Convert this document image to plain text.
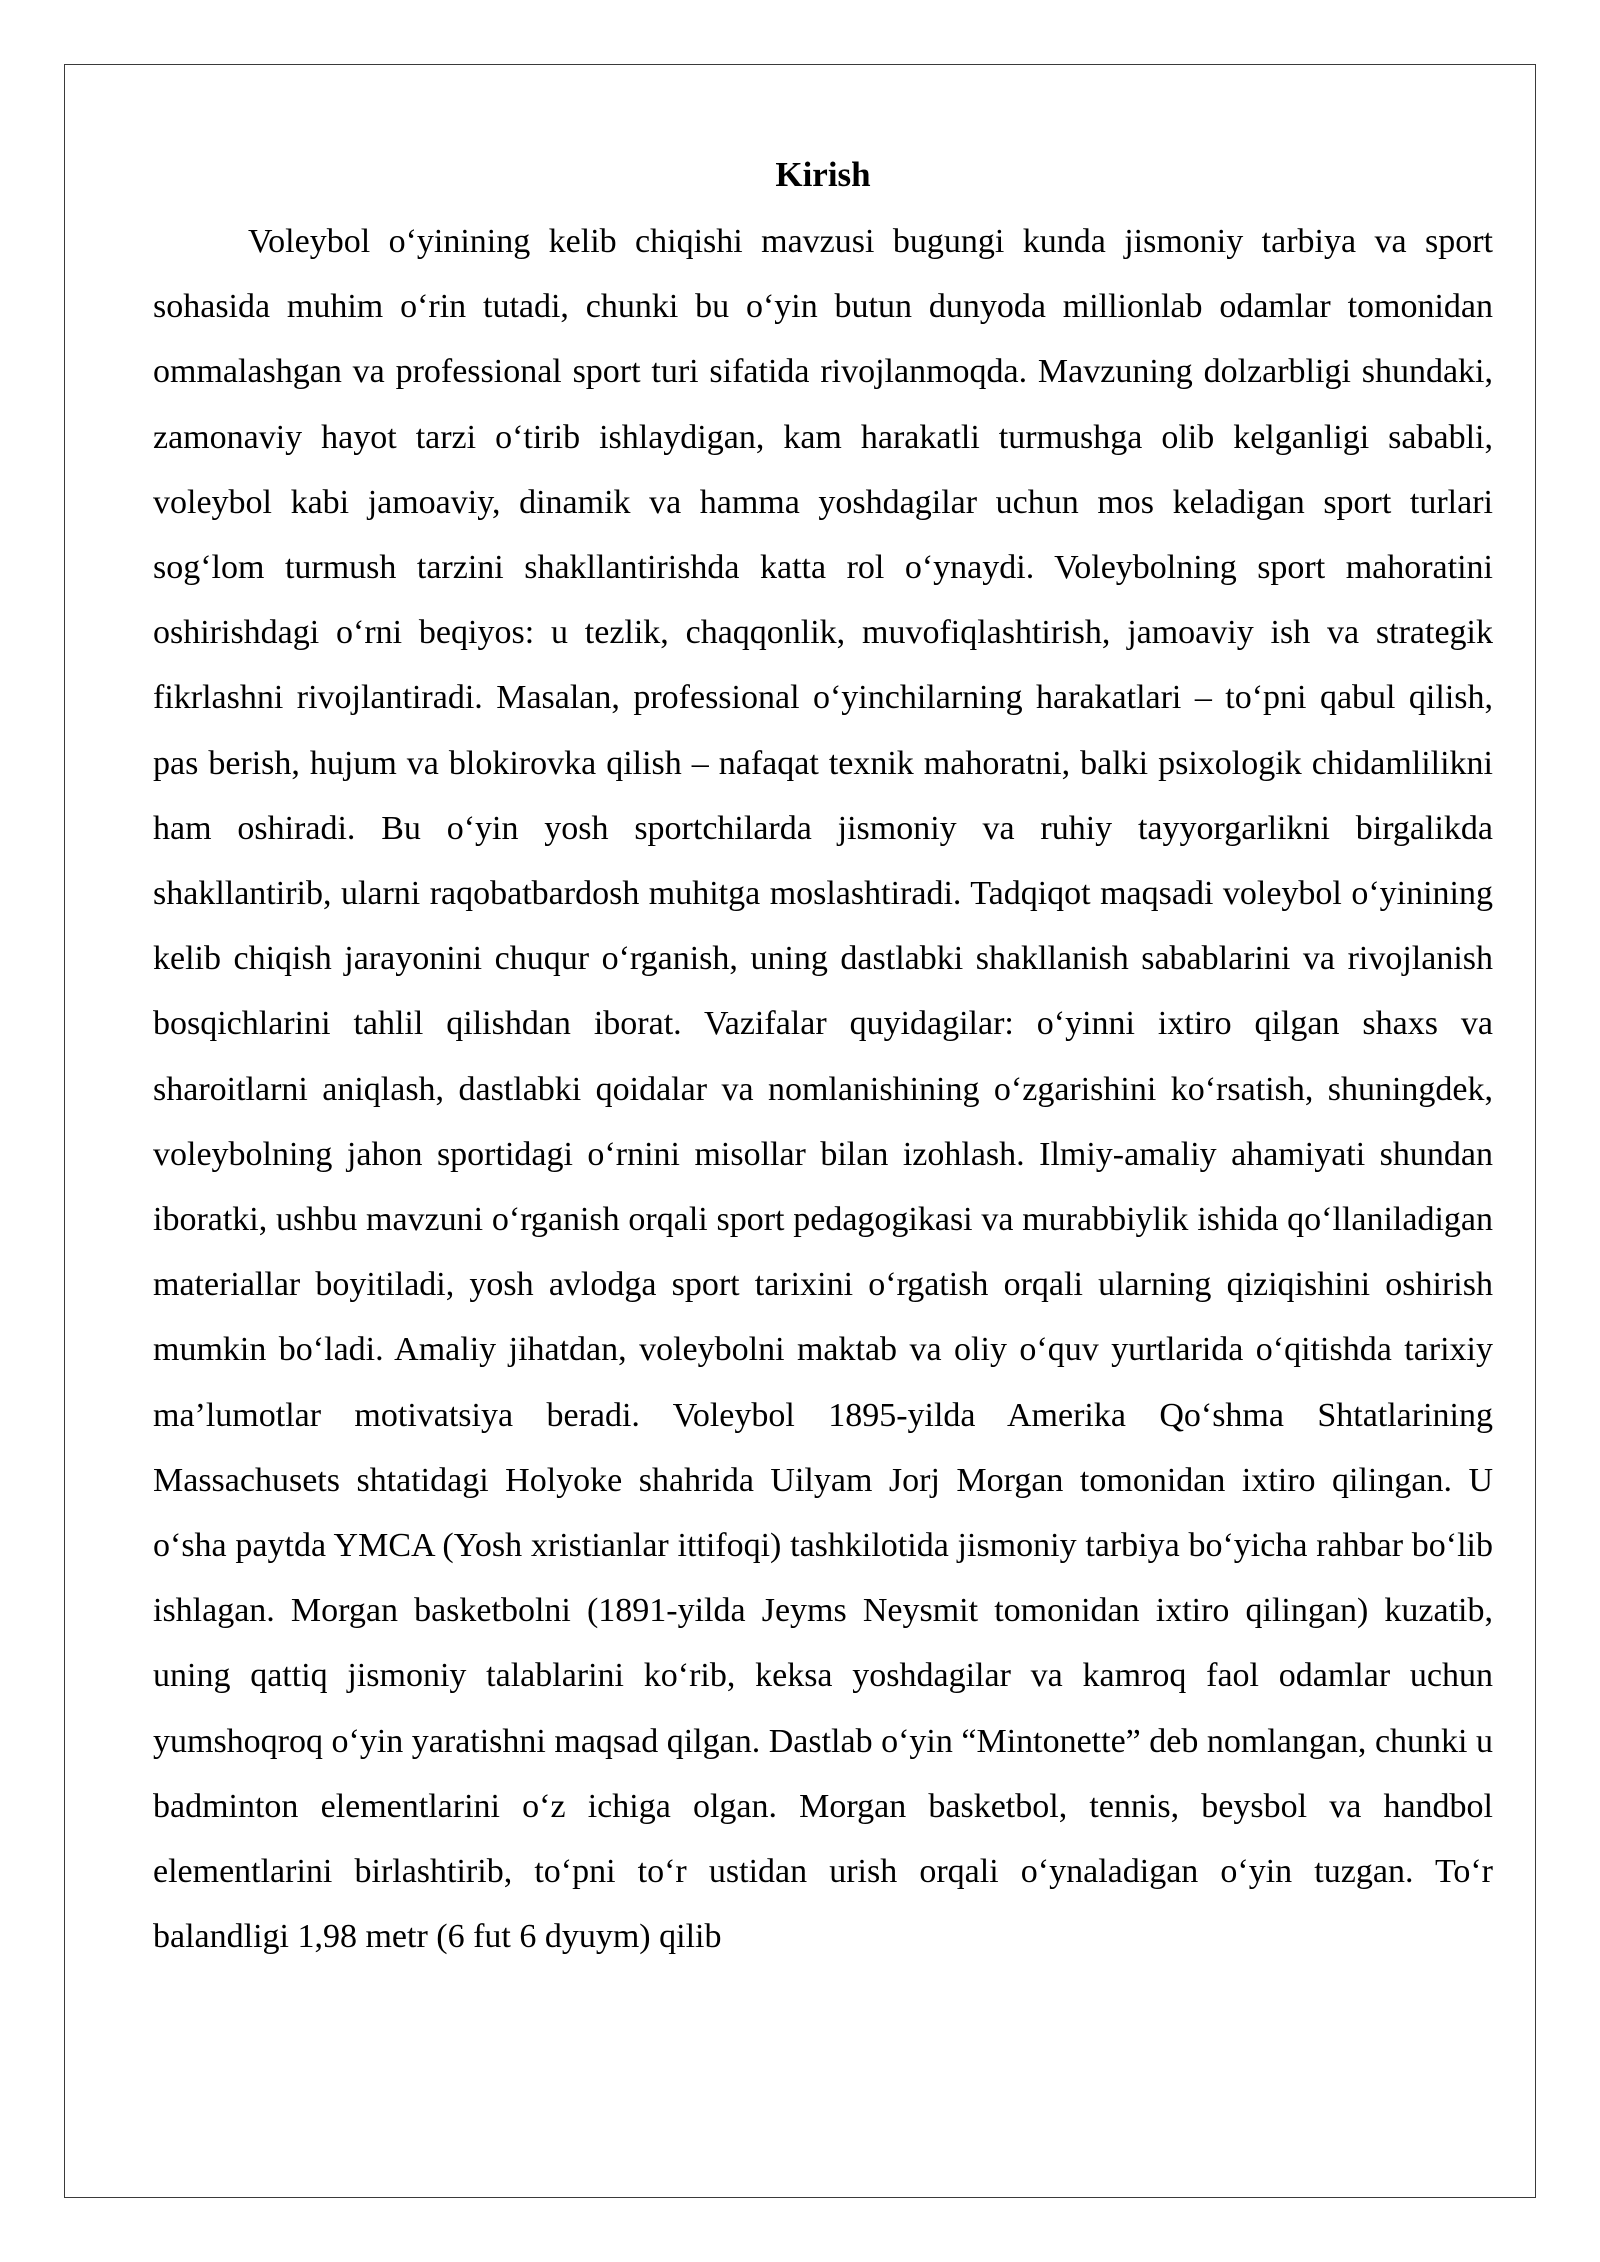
Kirish

Voleybol o‘yinining kelib chiqishi mavzusi bugungi kunda jismoniy tarbiya va sport sohasida muhim o‘rin tutadi, chunki bu o‘yin butun dunyoda millionlab odamlar tomonidan ommalashgan va professional sport turi sifatida rivojlanmoqda. Mavzuning dolzarbligi shundaki, zamonaviy hayot tarzi o‘tirib ishlaydigan, kam harakatli turmushga olib kelganligi sababli, voleybol kabi jamoaviy, dinamik va hamma yoshdagilar uchun mos keladigan sport turlari sog‘lom turmush tarzini shakllantirishda katta rol o‘ynaydi. Voleybolning sport mahoratini oshirishdagi o‘rni beqiyos: u tezlik, chaqqonlik, muvofiqlashtirish, jamoaviy ish va strategik fikrlashni rivojlantiradi. Masalan, professional o‘yinchilarning harakatlari – to‘pni qabul qilish, pas berish, hujum va blokirovka qilish – nafaqat texnik mahoratni, balki psixologik chidamlilikni ham oshiradi. Bu o‘yin yosh sportchilarda jismoniy va ruhiy tayyorgarlikni birgalikda shakllantirib, ularni raqobatbardosh muhitga moslashtiradi. Tadqiqot maqsadi voleybol o‘yinining kelib chiqish jarayonini chuqur o‘rganish, uning dastlabki shakllanish sabablarini va rivojlanish bosqichlarini tahlil qilishdan iborat. Vazifalar quyidagilar: o‘yinni ixtiro qilgan shaxs va sharoitlarni aniqlash, dastlabki qoidalar va nomlanishining o‘zgarishini ko‘rsatish, shuningdek, voleybolning jahon sportidagi o‘rnini misollar bilan izohlash. Ilmiy-amaliy ahamiyati shundan iboratki, ushbu mavzuni o‘rganish orqali sport pedagogikasi va murabbiylik ishida qo‘llaniladigan materiallar boyitiladi, yosh avlodga sport tarixini o‘rgatish orqali ularning qiziqishini oshirish mumkin bo‘ladi. Amaliy jihatdan, voleybolni maktab va oliy o‘quv yurtlarida o‘qitishda tarixiy ma’lumotlar motivatsiya beradi. Voleybol 1895-yilda Amerika Qo‘shma Shtatlarining Massachusets shtatidagi Holyoke shahrida Uilyam Jorj Morgan tomonidan ixtiro qilingan. U o‘sha paytda YMCA (Yosh xristianlar ittifoqi) tashkilotida jismoniy tarbiya bo‘yicha rahbar bo‘lib ishlagan. Morgan basketbolni (1891-yilda Jeyms Neysmit tomonidan ixtiro qilingan) kuzatib, uning qattiq jismoniy talablarini ko‘rib, keksa yoshdagilar va kamroq faol odamlar uchun yumshoqroq o‘yin yaratishni maqsad qilgan. Dastlab o‘yin “Mintonette” deb nomlangan, chunki u badminton elementlarini o‘z ichiga olgan. Morgan basketbol, tennis, beysbol va handbol elementlarini birlashtirib, to‘pni to‘r ustidan urish orqali o‘ynaladigan o‘yin tuzgan. To‘r balandligi 1,98 metr (6 fut 6 dyuym) qilib
